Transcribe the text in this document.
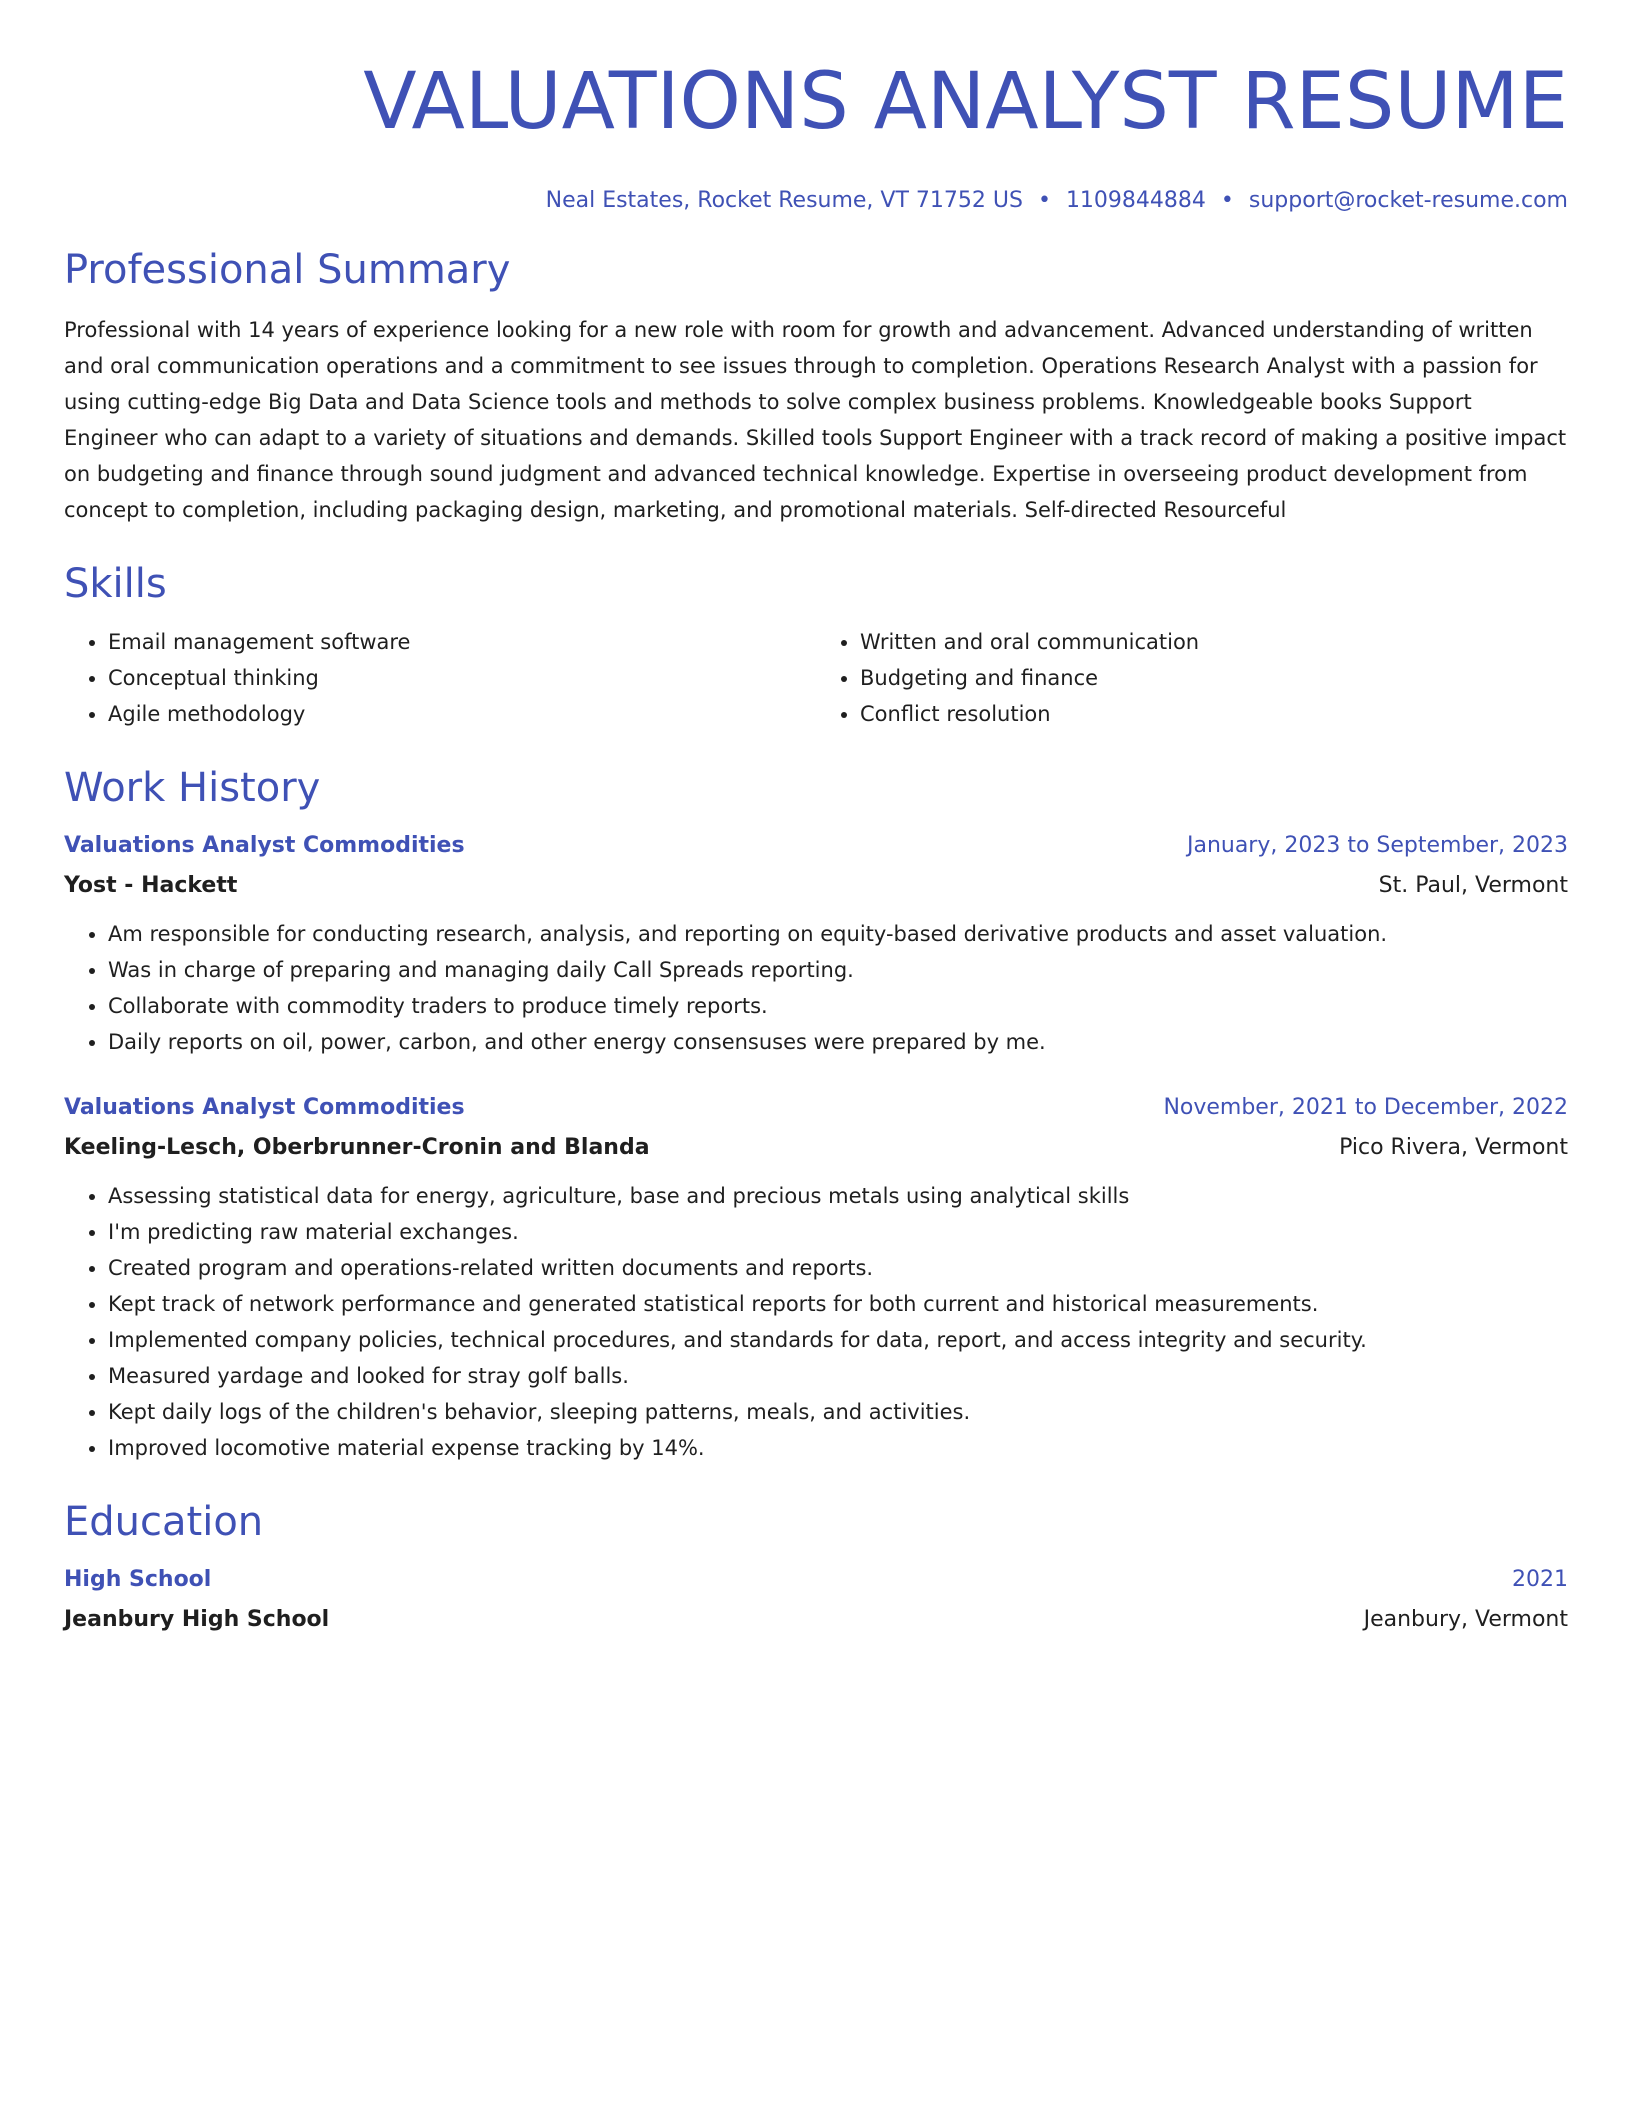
VALUATIONS ANALYST RESUME
Neal Estates, Rocket Resume, VT 71752 US • 1109844884 • support@rocket-resume.com
Professional Summary
Professional with 14 years of experience looking for a new role with room for growth and advancement. Advanced understanding of written and oral communication operations and a commitment to see issues through to completion. Operations Research Analyst with a passion for using cutting-edge Big Data and Data Science tools and methods to solve complex business problems. Knowledgeable books Support Engineer who can adapt to a variety of situations and demands. Skilled tools Support Engineer with a track record of making a positive impact on budgeting and finance through sound judgment and advanced technical knowledge. Expertise in overseeing product development from concept to completion, including packaging design, marketing, and promotional materials. Self-directed Resourceful
Skills
• Email management software
• Conceptual thinking
• Agile methodology
• Written and oral communication
• Budgeting and finance
• Conflict resolution
Work History
Valuations Analyst Commodities	January, 2023 to September, 2023
Yost - Hackett	St. Paul, Vermont
• Am responsible for conducting research, analysis, and reporting on equity-based derivative products and asset valuation.
• Was in charge of preparing and managing daily Call Spreads reporting.
• Collaborate with commodity traders to produce timely reports.
• Daily reports on oil, power, carbon, and other energy consensuses were prepared by me.
Valuations Analyst Commodities	November, 2021 to December, 2022
Keeling-Lesch, Oberbrunner-Cronin and Blanda	Pico Rivera, Vermont
• Assessing statistical data for energy, agriculture, base and precious metals using analytical skills
• I'm predicting raw material exchanges.
• Created program and operations-related written documents and reports.
• Kept track of network performance and generated statistical reports for both current and historical measurements.
• Implemented company policies, technical procedures, and standards for data, report, and access integrity and security.
• Measured yardage and looked for stray golf balls.
• Kept daily logs of the children's behavior, sleeping patterns, meals, and activities.
• Improved locomotive material expense tracking by 14%.
Education
High School	2021
Jeanbury High School	Jeanbury, Vermont
